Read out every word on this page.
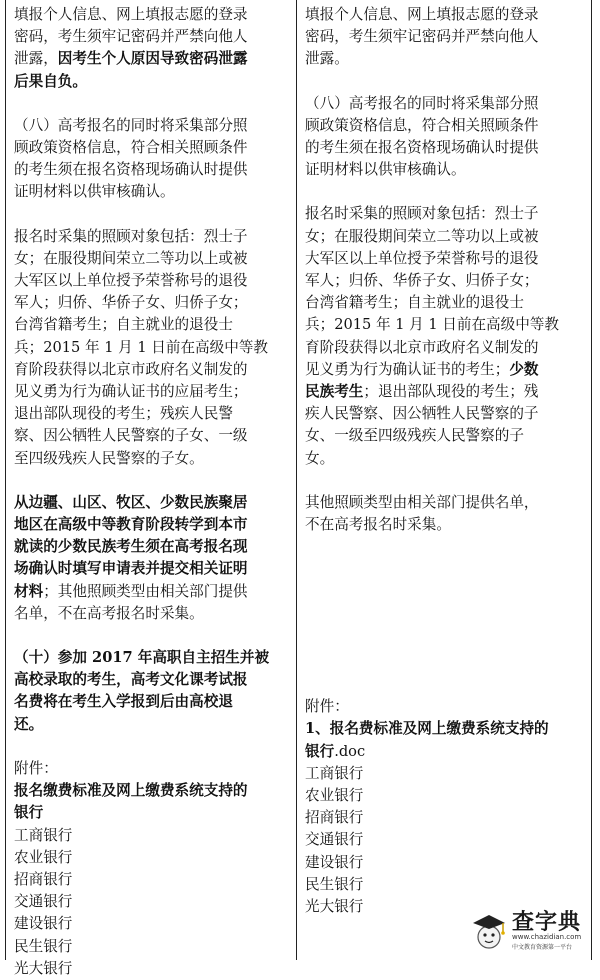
填报个人信息、网上填报志愿的登录
密码，考生须牢记密码并严禁向他人
泄露，因考生个人原因导致密码泄露
后果自负。
（八）高考报名的同时将采集部分照
顾政策资格信息，符合相关照顾条件
的考生须在报名资格现场确认时提供
证明材料以供审核确认。
报名时采集的照顾对象包括：烈士子
女；在服役期间荣立二等功以上或被
大军区以上单位授予荣誉称号的退役
军人；归侨、华侨子女、归侨子女；
台湾省籍考生；自主就业的退役士
兵；2015 年 1 月 1 日前在高级中等教
育阶段获得以北京市政府名义制发的
见义勇为行为确认证书的应届考生；
退出部队现役的考生；残疾人民警
察、因公牺牲人民警察的子女、一级
至四级残疾人民警察的子女。
从边疆、山区、牧区、少数民族聚居
地区在高级中等教育阶段转学到本市
就读的少数民族考生须在高考报名现
场确认时填写申请表并提交相关证明
材料；其他照顾类型由相关部门提供
名单，不在高考报名时采集。
（十）参加 2017 年高职自主招生并被
高校录取的考生，高考文化课考试报
名费将在考生入学报到后由高校退
还。
附件：
报名缴费标准及网上缴费系统支持的
银行
工商银行
农业银行
招商银行
交通银行
建设银行
民生银行
光大银行
填报个人信息、网上填报志愿的登录
密码，考生须牢记密码并严禁向他人
泄露。
（八）高考报名的同时将采集部分照
顾政策资格信息，符合相关照顾条件
的考生须在报名资格现场确认时提供
证明材料以供审核确认。
报名时采集的照顾对象包括：烈士子
女；在服役期间荣立二等功以上或被
大军区以上单位授予荣誉称号的退役
军人；归侨、华侨子女、归侨子女；
台湾省籍考生；自主就业的退役士
兵；2015 年 1 月 1 日前在高级中等教
育阶段获得以北京市政府名义制发的
见义勇为行为确认证书的考生；少数
民族考生；退出部队现役的考生；残
疾人民警察、因公牺牲人民警察的子
女、一级至四级残疾人民警察的子
女。
其他照顾类型由相关部门提供名单，
不在高考报名时采集。
附件：
1、报名费标准及网上缴费系统支持的
银行.doc
工商银行
农业银行
招商银行
交通银行
建设银行
民生银行
光大银行
查字典
www.chazidian.com
中文教育资源第一平台
